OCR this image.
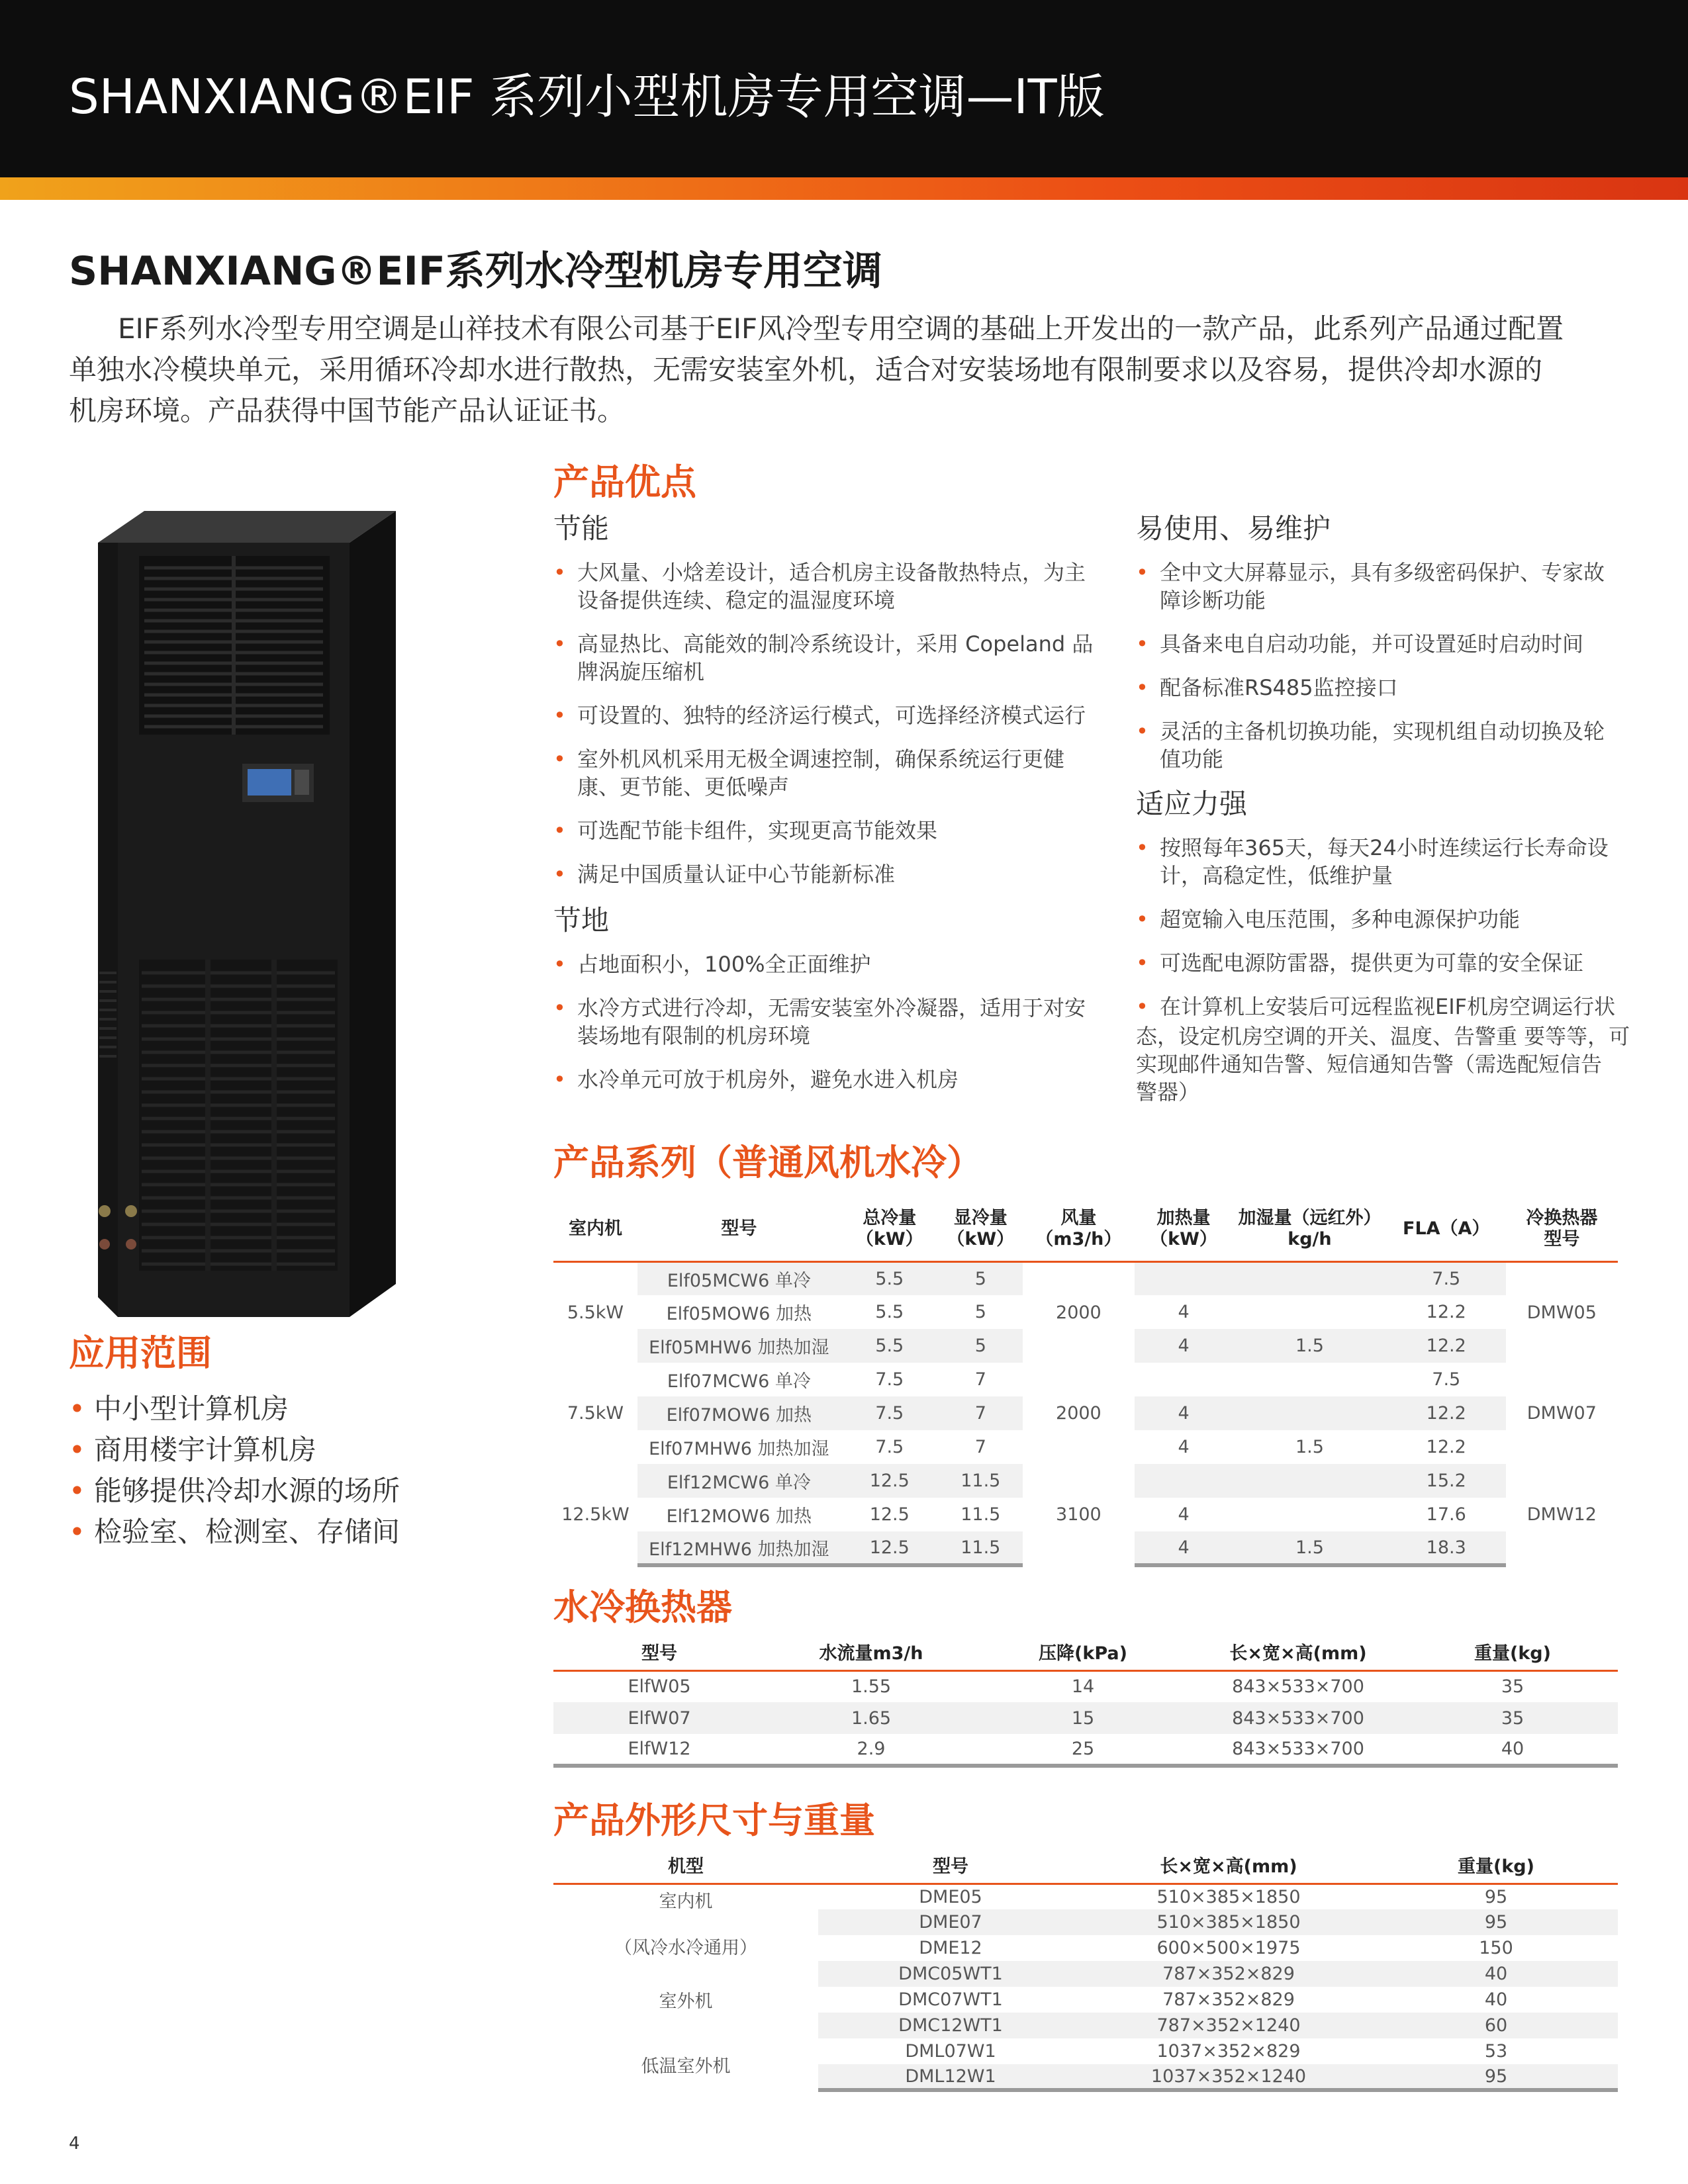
SHANXIANG®EIF 系列小型机房专用空调—IT版
SHANXIANG®EIF系列水冷型机房专用空调
EIF系列水冷型专用空调是山祥技术有限公司基于EIF风冷型专用空调的基础上开发出的一款产品，此系列产品通过配置
单独水冷模块单元，采用循环冷却水进行散热，无需安装室外机，适合对安装场地有限制要求以及容易，提供冷却水源的
机房环境。产品获得中国节能产品认证证书。
应用范围
• 中小型计算机房
• 商用楼宇计算机房
• 能够提供冷却水源的场所
• 检验室、检测室、存储间
产品优点
节能
• 大风量、小焓差设计，适合机房主设备散热特点，为主
设备提供连续、稳定的温湿度环境
• 高显热比、高能效的制冷系统设计，采用 Copeland 品
牌涡旋压缩机
• 可设置的、独特的经济运行模式，可选择经济模式运行
• 室外机风机采用无极全调速控制，确保系统运行更健
康、更节能、更低噪声
• 可选配节能卡组件，实现更高节能效果
• 满足中国质量认证中心节能新标准
节地
• 占地面积小，100%全正面维护
• 水冷方式进行冷却，无需安装室外冷凝器，适用于对安
装场地有限制的机房环境
• 水冷单元可放于机房外，避免水进入机房
易使用、易维护
• 全中文大屏幕显示，具有多级密码保护、专家故
障诊断功能
• 具备来电自启动功能，并可设置延时启动时间
• 配备标准RS485监控接口
• 灵活的主备机切换功能，实现机组自动切换及轮
值功能
适应力强
• 按照每年365天，每天24小时连续运行长寿命设
计，高稳定性，低维护量
• 超宽输入电压范围，多种电源保护功能
• 可选配电源防雷器，提供更为可靠的安全保证
• 在计算机上安装后可远程监视EIF机房空调运行状
态，设定机房空调的开关、温度、告警重 要等等，可
实现邮件通知告警、短信通知告警（需选配短信告
警器）
产品系列（普通风机水冷）
室内机	型号	总冷量
（kW）	显冷量
（kW）	风量
（m3/h）	加热量
（kW）	加湿量（远红外）
kg/h	FLA（A）	冷换热器
型号
5.5kW	Elf05MCW6 单冷	5.5	5	2000			7.5	DMW05
	Elf05MOW6 加热	5.5	5		4		12.2	
	Elf05MHW6 加热加湿	5.5	5		4	1.5	12.2	
7.5kW	Elf07MCW6 单冷	7.5	7	2000			7.5	DMW07
	Elf07MOW6 加热	7.5	7		4		12.2	
	Elf07MHW6 加热加湿	7.5	7		4	1.5	12.2	
12.5kW	Elf12MCW6 单冷	12.5	11.5	3100			15.2	DMW12
	Elf12MOW6 加热	12.5	11.5		4		17.6	
	Elf12MHW6 加热加湿	12.5	11.5		4	1.5	18.3	
水冷换热器
型号	水流量m3/h	压降(kPa)	长×宽×高(mm)	重量(kg)
ElfW05	1.55	14	843×533×700	35
ElfW07	1.65	15	843×533×700	35
ElfW12	2.9	25	843×533×700	40
产品外形尺寸与重量
机型	型号	长×宽×高(mm)	重量(kg)
室内机

（风冷水冷通用）	DME05	510×385×1850	95
	DME07	510×385×1850	95
	DME12	600×500×1975	150
室外机	DMC05WT1	787×352×829	40
	DMC07WT1	787×352×829	40
	DMC12WT1	787×352×1240	60
低温室外机	DML07W1	1037×352×829	53
	DML12W1	1037×352×1240	95
4
